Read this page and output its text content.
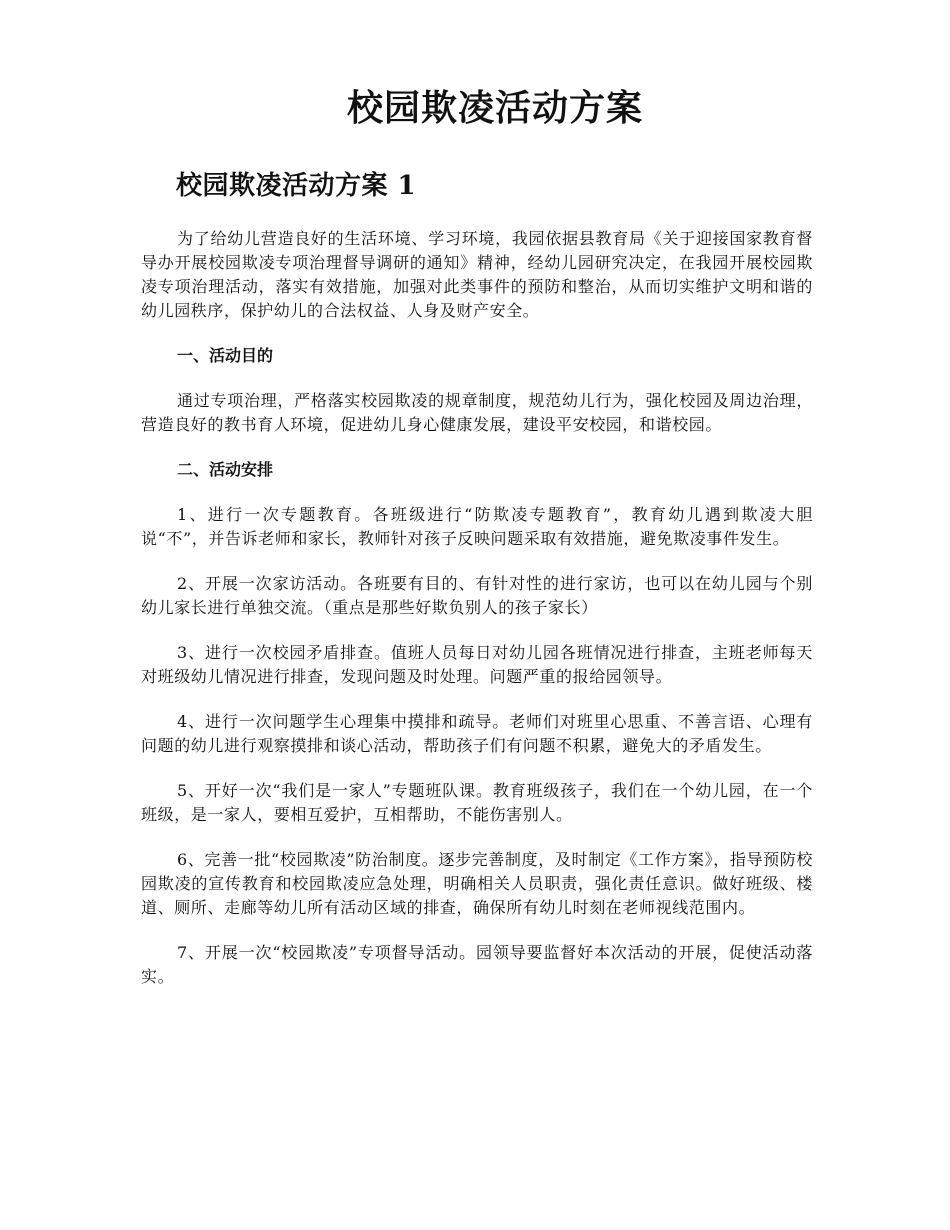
校园欺凌活动方案
校园欺凌活动方案 1

为了给幼儿营造良好的生活环境、学习环境，我园依据县教育局《关于迎接国家教育督导办开展校园欺凌专项治理督导调研的通知》精神，经幼儿园研究决定，在我园开展校园欺凌专项治理活动，落实有效措施，加强对此类事件的预防和整治，从而切实维护文明和谐的幼儿园秩序，保护幼儿的合法权益、人身及财产安全。

一、活动目的

通过专项治理，严格落实校园欺凌的规章制度，规范幼儿行为，强化校园及周边治理，营造良好的教书育人环境，促进幼儿身心健康发展，建设平安校园，和谐校园。

二、活动安排

1、进行一次专题教育。各班级进行“防欺凌专题教育”，教育幼儿遇到欺凌大胆说“不”，并告诉老师和家长，教师针对孩子反映问题采取有效措施，避免欺凌事件发生。

2、开展一次家访活动。各班要有目的、有针对性的进行家访，也可以在幼儿园与个别幼儿家长进行单独交流。（重点是那些好欺负别人的孩子家长）

3、进行一次校园矛盾排查。值班人员每日对幼儿园各班情况进行排查，主班老师每天对班级幼儿情况进行排查，发现问题及时处理。问题严重的报给园领导。

4、进行一次问题学生心理集中摸排和疏导。老师们对班里心思重、不善言语、心理有问题的幼儿进行观察摸排和谈心活动，帮助孩子们有问题不积累，避免大的矛盾发生。

5、开好一次“我们是一家人”专题班队课。教育班级孩子，我们在一个幼儿园，在一个班级，是一家人，要相互爱护，互相帮助，不能伤害别人。

6、完善一批“校园欺凌”防治制度。逐步完善制度，及时制定《工作方案》，指导预防校园欺凌的宣传教育和校园欺凌应急处理，明确相关人员职责，强化责任意识。做好班级、楼道、厕所、走廊等幼儿所有活动区域的排查，确保所有幼儿时刻在老师视线范围内。

7、开展一次“校园欺凌”专项督导活动。园领导要监督好本次活动的开展，促使活动落实。
